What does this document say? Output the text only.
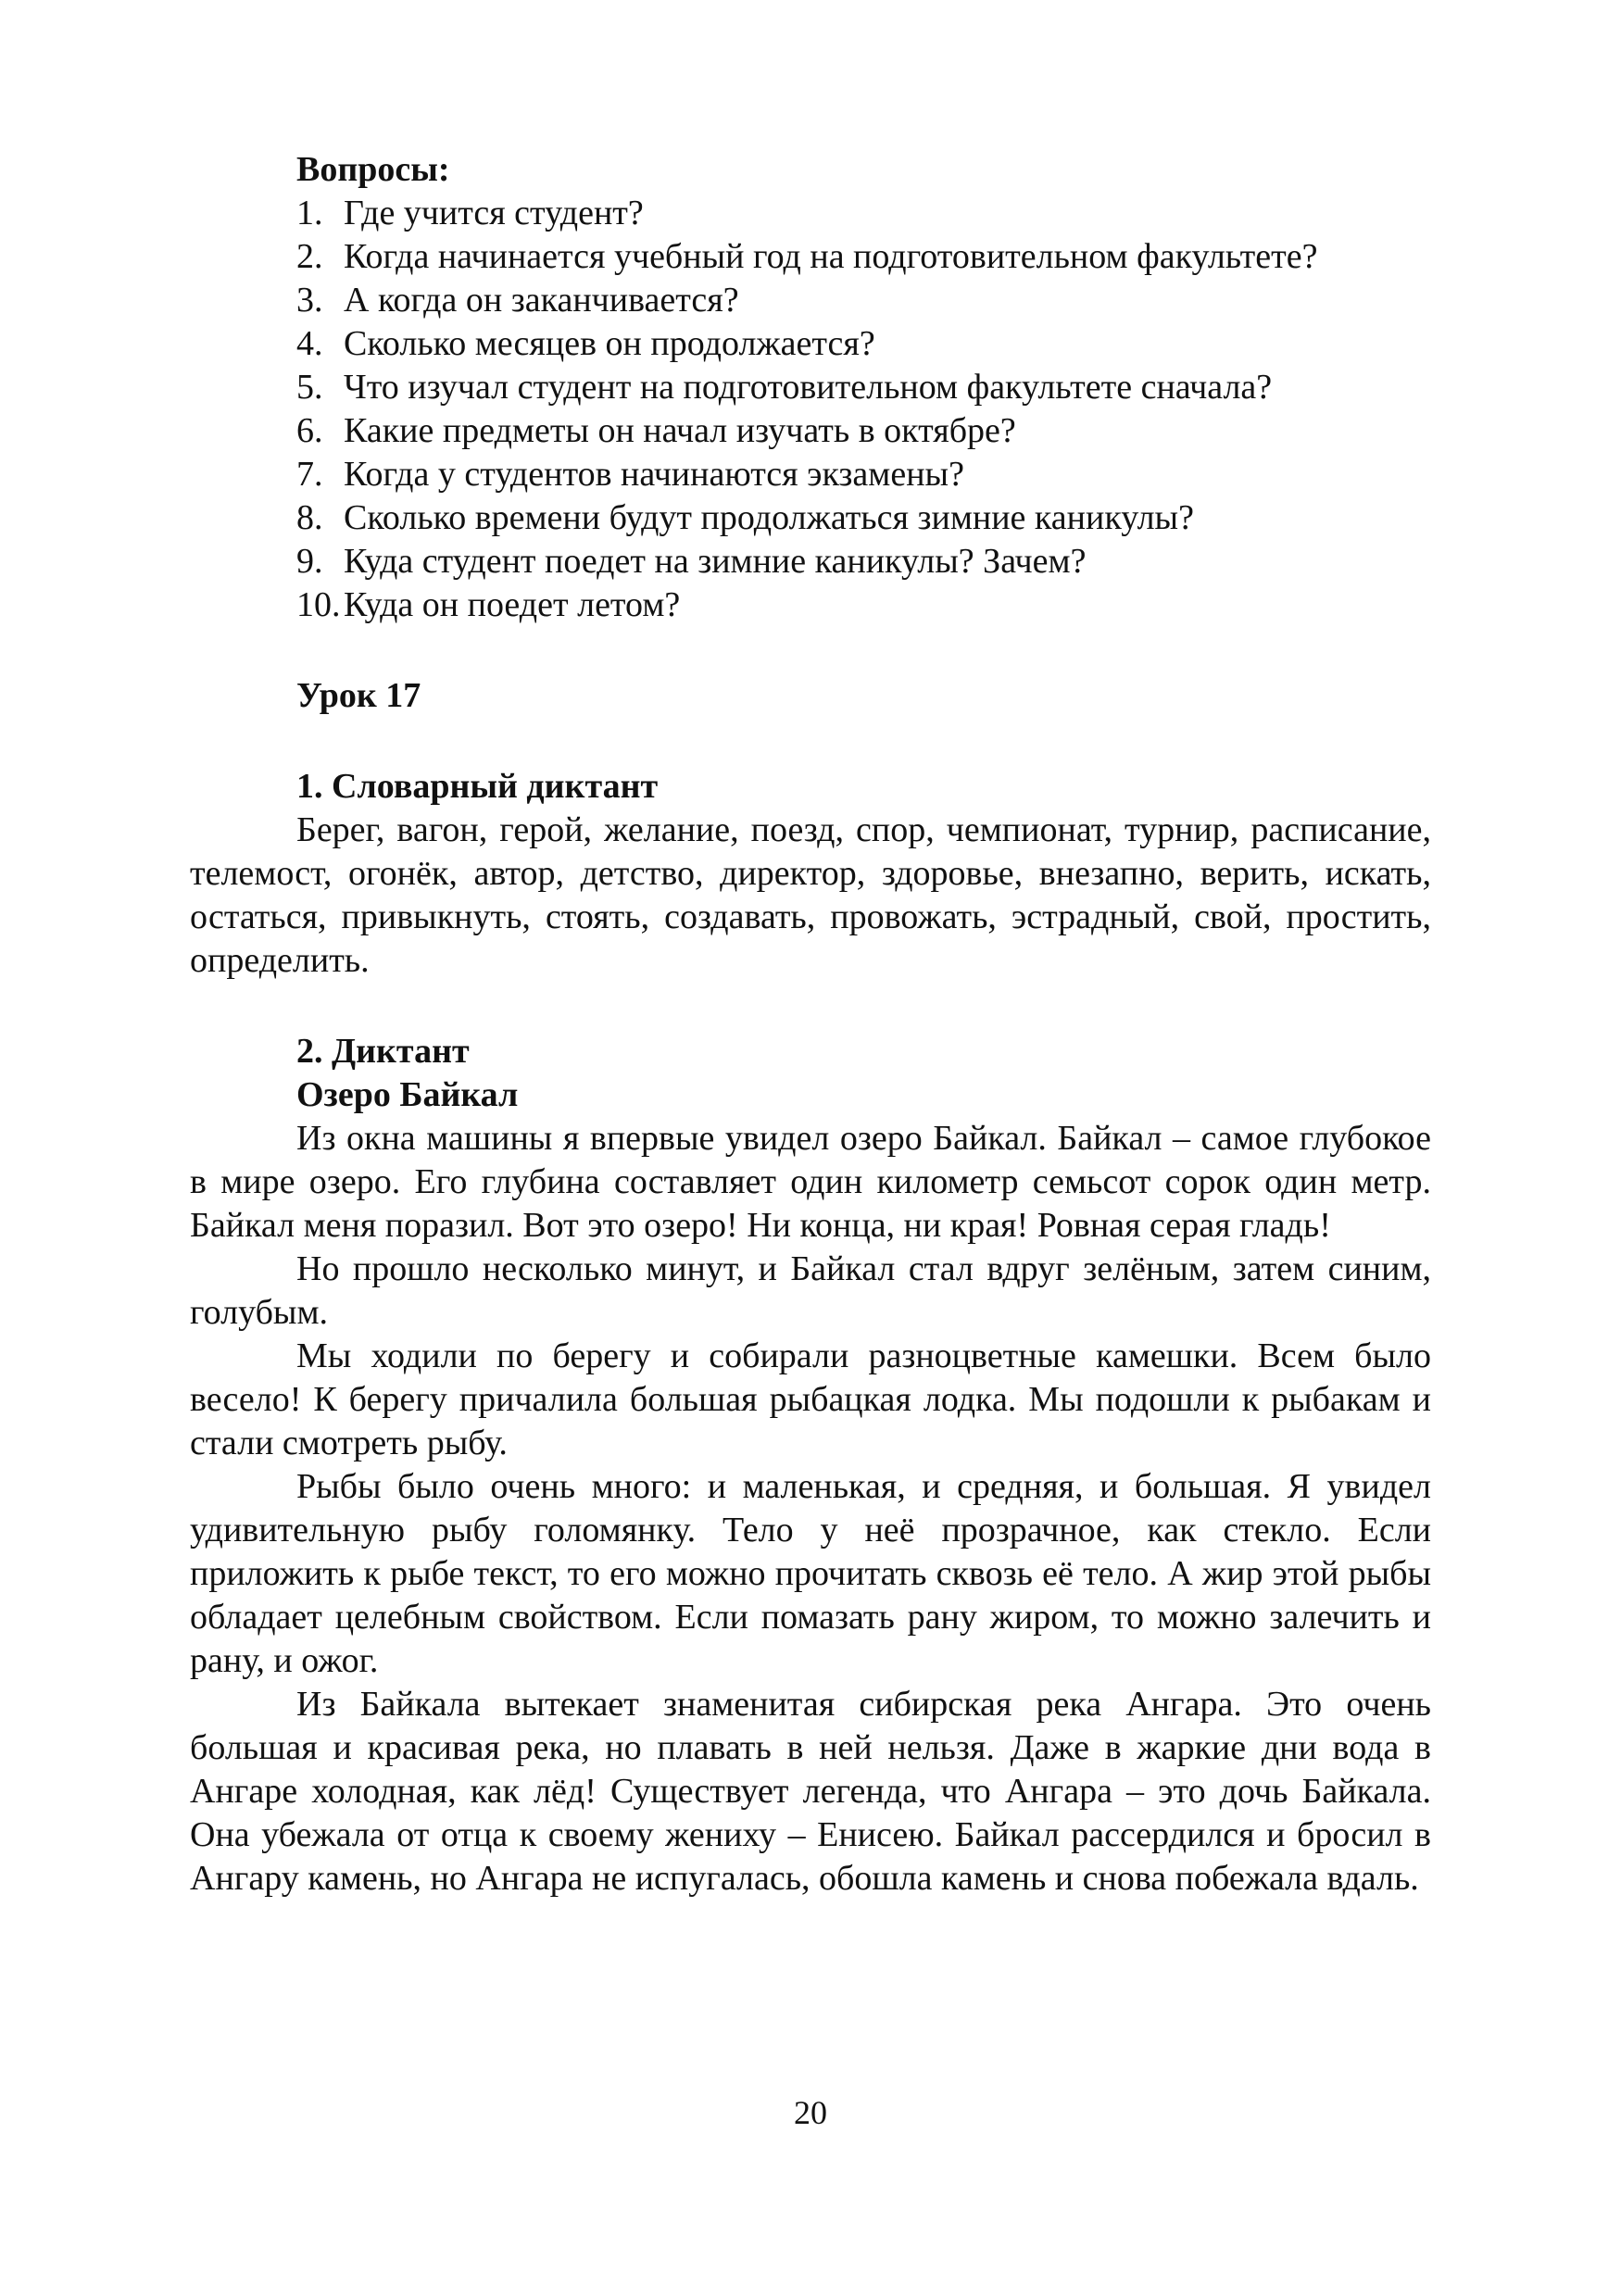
Вопросы:
1. Где учится студент?
2. Когда начинается учебный год на подготовительном факультете?
3. А когда он заканчивается?
4. Сколько месяцев он продолжается?
5. Что изучал студент на подготовительном факультете сначала?
6. Какие предметы он начал изучать в октябре?
7. Когда у студентов начинаются экзамены?
8. Сколько времени будут продолжаться зимние каникулы?
9. Куда студент поедет на зимние каникулы? Зачем?
10. Куда он поедет летом?
Урок 17
1. Словарный диктант

Берег, вагон, герой, желание, поезд, спор, чемпионат, турнир, расписание, телемост, огонёк, автор, детство, директор, здоровье, внезапно, верить, искать, остаться, привыкнуть, стоять, создавать, провожать, эстрадный, свой, простить, определить.

2. Диктант
Озеро Байкал

Из окна машины я впервые увидел озеро Байкал. Байкал – самое глубокое в мире озеро. Его глубина составляет один километр семьсот сорок один метр. Байкал меня поразил. Вот это озеро! Ни конца, ни края! Ровная серая гладь!

Но прошло несколько минут, и Байкал стал вдруг зелёным, затем синим, голубым.

Мы ходили по берегу и собирали разноцветные камешки. Всем было весело! К берегу причалила большая рыбацкая лодка. Мы подошли к рыбакам и стали смотреть рыбу.

Рыбы было очень много: и маленькая, и средняя, и большая. Я увидел удивительную рыбу голомянку. Тело у неё прозрачное, как стекло. Если приложить к рыбе текст, то его можно прочитать сквозь её тело. А жир этой рыбы обладает целебным свойством. Если помазать рану жиром, то можно залечить и рану, и ожог.

Из Байкала вытекает знаменитая сибирская река Ангара. Это очень большая и красивая река, но плавать в ней нельзя. Даже в жаркие дни вода в Ангаре холодная, как лёд! Существует легенда, что Ангара – это дочь Байкала. Она убежала от отца к своему жениху – Енисею. Байкал рассердился и бросил в Ангару камень, но Ангара не испугалась, обошла камень и снова побежала вдаль.

20
